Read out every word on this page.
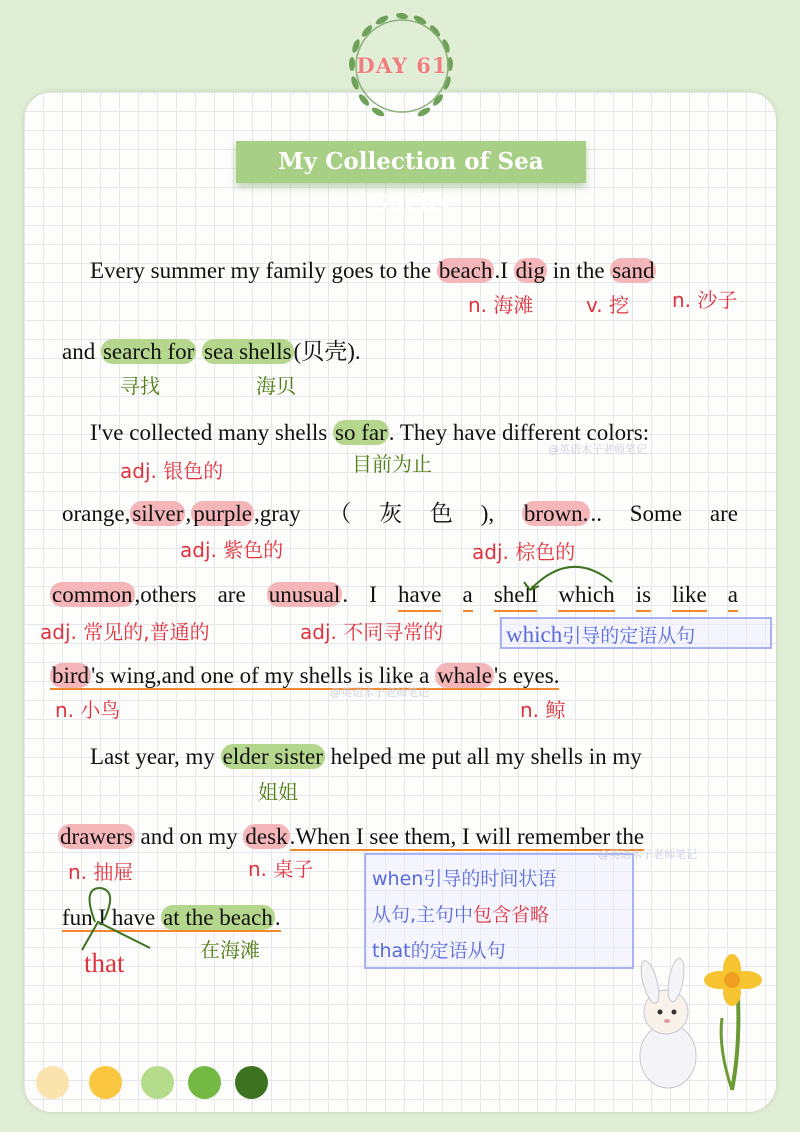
DAY 61
My Collection of Sea Shells
Every summer my family goes to the beach.I dig in the sand
and search for sea shells(贝壳).
I've collected many shells so far. They have different colors:
orange,silver,purple,gray （ 灰 色 ), brown... Some are
common,others are unusual. I have a shell which is like a
bird's wing,and one of my shells is like a whale's eyes.
Last year, my elder sister helped me put all my shells in my
drawers and on my desk.When I see them, I will remember the
fun I have at the beach.
n. 海滩	v. 挖 n. 沙子
寻找	海贝
adj. 银色的	目前为止
adj. 紫色的	adj. 棕色的
adj. 常见的,普通的	adj. 不同寻常的
n. 小鸟	n. 鲸
姐姐
n. 抽屉	n. 桌子
在海滩
that
which引导的定语从句
when引导的时间状语
从句,主句中包含省略
that的定语从句
@英语木子老师笔记
@英语木子老师笔记
@英语木子老师笔记
